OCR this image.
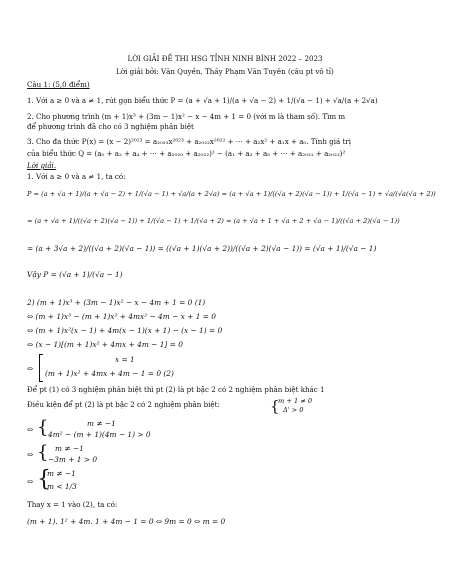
LỜI GIẢI ĐỀ THI HSG TỈNH NINH BÌNH 2022 – 2023
Lời giải bởi: Văn Quyền, Thầy Phạm Văn Tuyên (câu pt vô tỉ)
Câu 1: (5,0 điểm)
1. Với a ≥ 0 và a ≠ 1, rút gọn biểu thức P = (a + √a + 1)/(a + √a − 2) + 1/(√a − 1) + √a/(a + 2√a)
2. Cho phương trình (m + 1)x³ + (3m − 1)x² − x − 4m + 1 = 0 (với m là tham số). Tìm m
để phương trình đã cho có 3 nghiệm phân biệt
3. Cho đa thức P(x) = (x − 2)²⁰²³ = a₂₀₂₃x²⁰²³ + a₂₀₂₂x²⁰²² + ⋯ + a₂x² + a₁x + a₀. Tính giá trị
của biểu thức Q = (a₀ + a₂ + a₄ + ⋯ + a₂₀₂₀ + a₂₀₂₂)² − (a₁ + a₃ + a₅ + ⋯ + a₂₀₂₁ + a₂₀₂₃)²
Lời giải.
1. Với a ≥ 0 và a ≠ 1, ta có:
P = (a + √a + 1)/(a + √a − 2) + 1/(√a − 1) + √a/(a + 2√a) = (a + √a + 1)/((√a + 2)(√a − 1)) + 1/(√a − 1) + √a/(√a(√a + 2))
= (a + √a + 1)/((√a + 2)(√a − 1)) + 1/(√a − 1) + 1/(√a + 2) = (a + √a + 1 + √a + 2 + √a − 1)/((√a + 2)(√a − 1))
= (a + 3√a + 2)/((√a + 2)(√a − 1)) = ((√a + 1)(√a + 2))/((√a + 2)(√a − 1)) = (√a + 1)/(√a − 1)
Vậy P = (√a + 1)/(√a − 1)
2) (m + 1)x³ + (3m − 1)x² − x − 4m + 1 = 0 (1)
⇔ (m + 1)x³ − (m + 1)x² + 4mx² − 4m − x + 1 = 0
⇔ (m + 1)x²(x − 1) + 4m(x − 1)(x + 1) − (x − 1) = 0
⇔ (x − 1)[(m + 1)x² + 4mx + 4m − 1] = 0
⇔
x = 1
(m + 1)x² + 4mx + 4m − 1 = 0 (2)
Để pt (1) có 3 nghiệm phân biệt thì pt (2) là pt bậc 2 có 2 nghiệm phân biệt khác 1
Điều kiện để pt (2) là pt bậc 2 có 2 nghiệm phân biệt:	{
m + 1 ≠ 0
Δ' > 0
⇔ {	m ≠ −1
4m² − (m + 1)(4m − 1) > 0
⇔ { m ≠ −1
−3m + 1 > 0
⇔ {
m ≠ −1
m < 1/3
Thay x = 1 vào (2), ta có:
(m + 1). 1² + 4m. 1 + 4m − 1 = 0 ⇔ 9m = 0 ⇔ m = 0
